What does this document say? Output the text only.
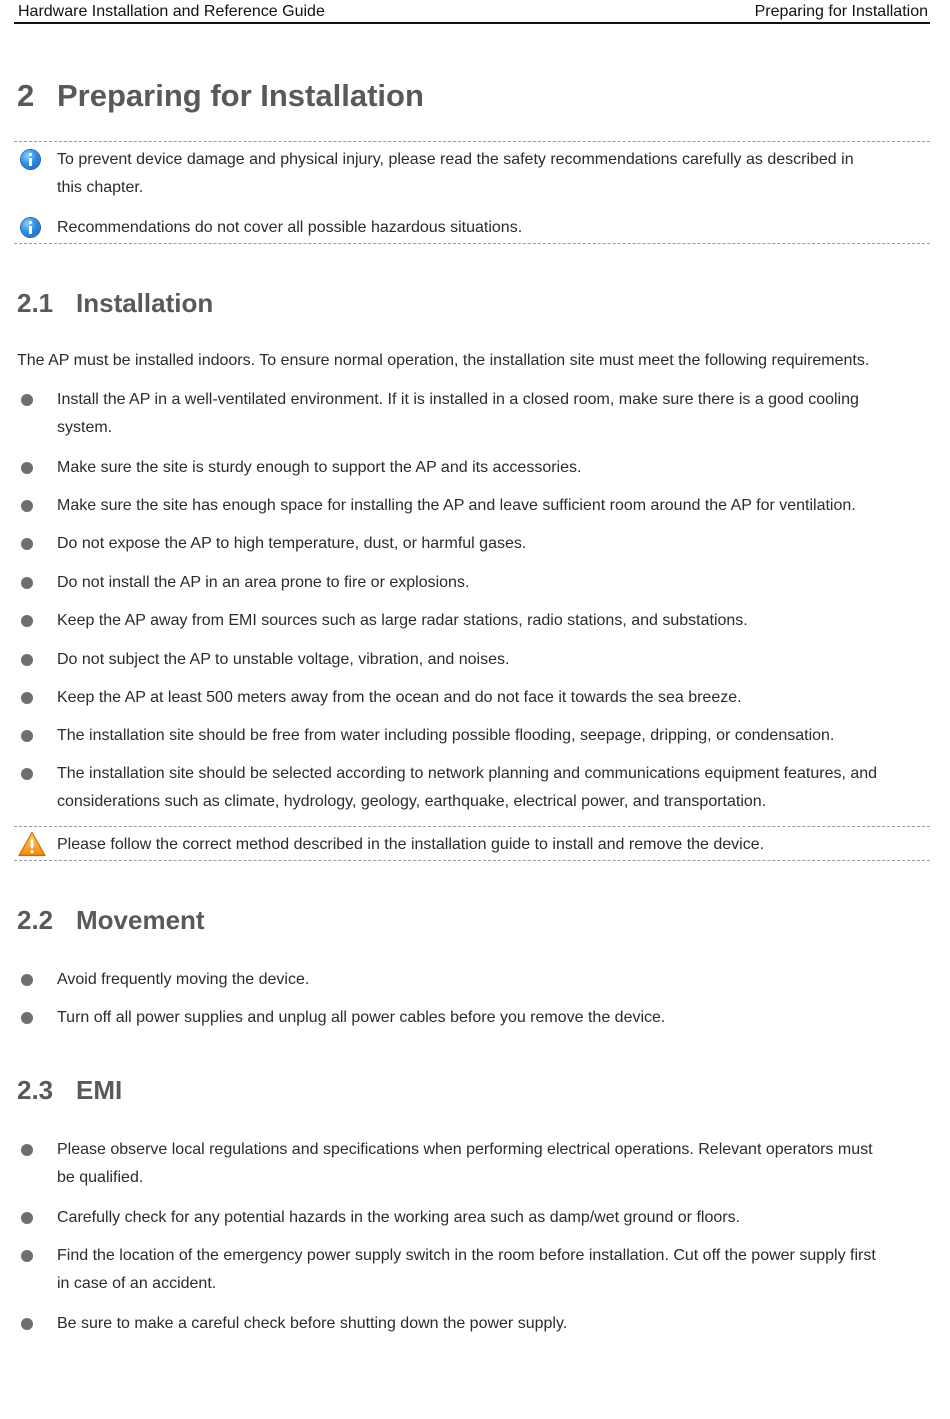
Hardware Installation and Reference Guide	Preparing for Installation
2 Preparing for Installation
To prevent device damage and physical injury, please read the safety recommendations carefully as described in
this chapter.
Recommendations do not cover all possible hazardous situations.
2.1 Installation
The AP must be installed indoors. To ensure normal operation, the installation site must meet the following requirements.
Install the AP in a well-ventilated environment. If it is installed in a closed room, make sure there is a good cooling
system.
Make sure the site is sturdy enough to support the AP and its accessories.
Make sure the site has enough space for installing the AP and leave sufficient room around the AP for ventilation.
Do not expose the AP to high temperature, dust, or harmful gases.
Do not install the AP in an area prone to fire or explosions.
Keep the AP away from EMI sources such as large radar stations, radio stations, and substations.
Do not subject the AP to unstable voltage, vibration, and noises.
Keep the AP at least 500 meters away from the ocean and do not face it towards the sea breeze.
The installation site should be free from water including possible flooding, seepage, dripping, or condensation.
The installation site should be selected according to network planning and communications equipment features, and
considerations such as climate, hydrology, geology, earthquake, electrical power, and transportation.
Please follow the correct method described in the installation guide to install and remove the device.
2.2 Movement
Avoid frequently moving the device.
Turn off all power supplies and unplug all power cables before you remove the device.
2.3 EMI
Please observe local regulations and specifications when performing electrical operations. Relevant operators must
be qualified.
Carefully check for any potential hazards in the working area such as damp/wet ground or floors.
Find the location of the emergency power supply switch in the room before installation. Cut off the power supply first
in case of an accident.
Be sure to make a careful check before shutting down the power supply.
